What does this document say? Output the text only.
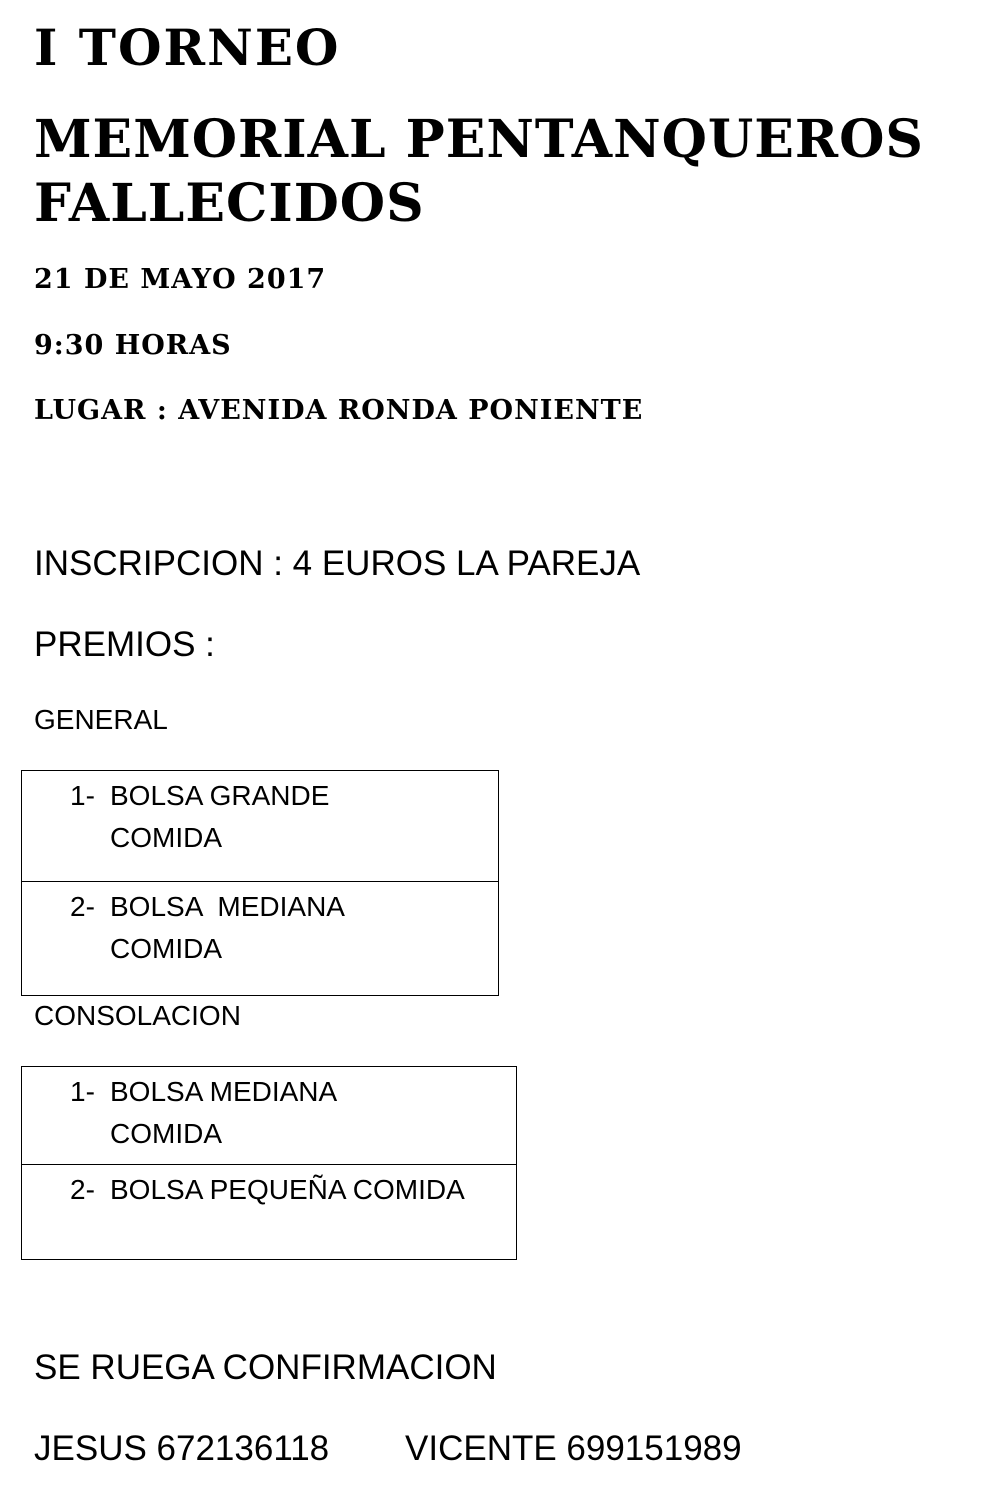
I TORNEO
MEMORIAL PENTANQUEROS FALLECIDOS

21 DE MAYO 2017

9:30 HORAS

LUGAR : AVENIDA RONDA PONIENTE

INSCRIPCION : 4 EUROS LA PAREJA

PREMIOS :

GENERAL

1- BOLSA GRANDE
COMIDA
2- BOLSA  MEDIANA
COMIDA

CONSOLACION

1- BOLSA MEDIANA
COMIDA
2- BOLSA PEQUEÑA COMIDA

SE RUEGA CONFIRMACION

JESUS 672136118 VICENTE 699151989
